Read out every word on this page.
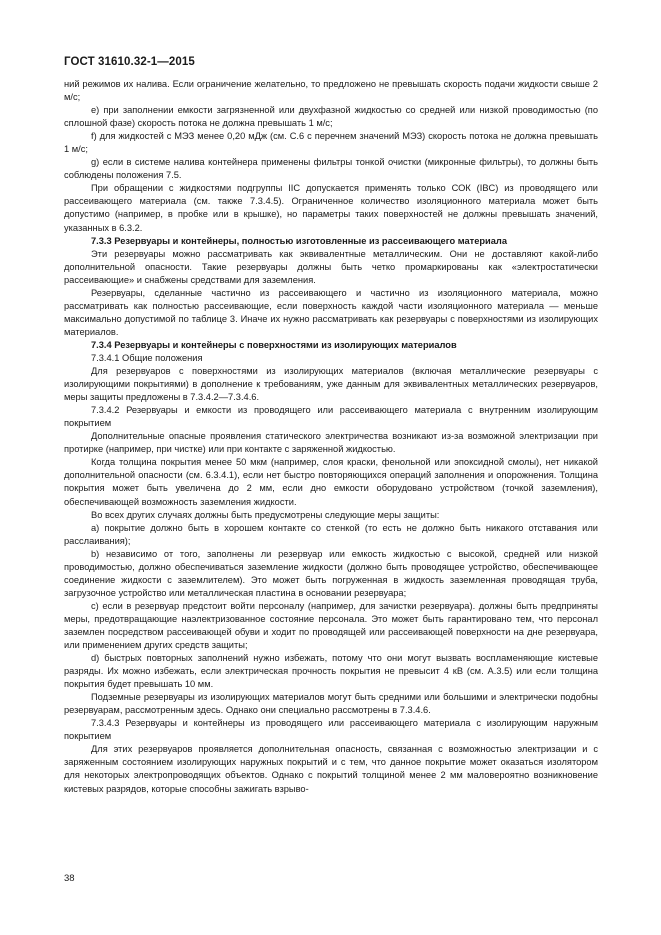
ГОСТ 31610.32-1—2015

ний режимов их налива. Если ограничение желательно, то предложено не превышать скорость подачи жидкости свыше 2 м/с;

e) при заполнении емкости загрязненной или двухфазной жидкостью со средней или низкой проводимостью (по сплошной фазе) скорость потока не должна превышать 1 м/с;

f) для жидкостей с МЭЗ менее 0,20 мДж (см. С.6 с перечнем значений МЭЗ) скорость потока не должна превышать 1 м/с;

g) если в системе налива контейнера применены фильтры тонкой очистки (микронные фильтры), то должны быть соблюдены положения 7.5.

При обращении с жидкостями подгруппы IIC допускается применять только СОК (IBC) из проводящего или рассеивающего материала (см. также 7.3.4.5). Ограниченное количество изоляционного материала может быть допустимо (например, в пробке или в крышке), но параметры таких поверхностей не должны превышать значений, указанных в 6.3.2.

7.3.3 Резервуары и контейнеры, полностью изготовленные из рассеивающего материала

Эти резервуары можно рассматривать как эквивалентные металлическим. Они не доставляют какой-либо дополнительной опасности. Такие резервуары должны быть четко промаркированы как «электростатически рассеивающие» и снабжены средствами для заземления.

Резервуары, сделанные частично из рассеивающего и частично из изоляционного материала, можно рассматривать как полностью рассеивающие, если поверхность каждой части изоляционного материала — меньше максимально допустимой по таблице 3. Иначе их нужно рассматривать как резервуары с поверхностями из изолирующих материалов.

7.3.4 Резервуары и контейнеры с поверхностями из изолирующих материалов

7.3.4.1 Общие положения

Для резервуаров с поверхностями из изолирующих материалов (включая металлические резервуары с изолирующими покрытиями) в дополнение к требованиям, уже данным для эквивалентных металлических резервуаров, меры защиты предложены в 7.3.4.2—7.3.4.6.

7.3.4.2 Резервуары и емкости из проводящего или рассеивающего материала с внутренним изолирующим покрытием

Дополнительные опасные проявления статического электричества возникают из-за возможной электризации при протирке (например, при чистке) или при контакте с заряженной жидкостью.

Когда толщина покрытия менее 50 мкм (например, слоя краски, фенольной или эпоксидной смолы), нет никакой дополнительной опасности (см. 6.3.4.1), если нет быстро повторяющихся операций заполнения и опорожнения. Толщина покрытия может быть увеличена до 2 мм, если дно емкости оборудовано устройством (точкой заземления), обеспечивающей возможность заземления жидкости.

Во всех других случаях должны быть предусмотрены следующие меры защиты:

a) покрытие должно быть в хорошем контакте со стенкой (то есть не должно быть никакого отставания или расслаивания);

b) независимо от того, заполнены ли резервуар или емкость жидкостью с высокой, средней или низкой проводимостью, должно обеспечиваться заземление жидкости (должно быть проводящее устройство, обеспечивающее соединение жидкости с заземлителем). Это может быть погруженная в жидкость заземленная проводящая труба, загрузочное устройство или металлическая пластина в основании резервуара;

c) если в резервуар предстоит войти персоналу (например, для зачистки резервуара). должны быть предприняты меры, предотвращающие наэлектризованное состояние персонала. Это может быть гарантировано тем, что персонал заземлен посредством рассеивающей обуви и ходит по проводящей или рассеивающей поверхности на дне резервуара, или применением других средств защиты;

d) быстрых повторных заполнений нужно избежать, потому что они могут вызвать воспламеняющие кистевые разряды. Их можно избежать, если электрическая прочность покрытия не превысит 4 кВ (см. А.3.5) или если толщина покрытия будет превышать 10 мм.

Подземные резервуары из изолирующих материалов могут быть средними или большими и электрически подобны резервуарам, рассмотренным здесь. Однако они специально рассмотрены в 7.3.4.6.

7.3.4.3 Резервуары и контейнеры из проводящего или рассеивающего материала с изолирующим наружным покрытием

Для этих резервуаров проявляется дополнительная опасность, связанная с возможностью электризации и с заряженным состоянием изолирующих наружных покрытий и с тем, что данное покрытие может оказаться изолятором для некоторых электропроводящих объектов. Однако с покрытий толщиной менее 2 мм маловероятно возникновение кистевых разрядов, которые способны зажигать взрыво-

38
